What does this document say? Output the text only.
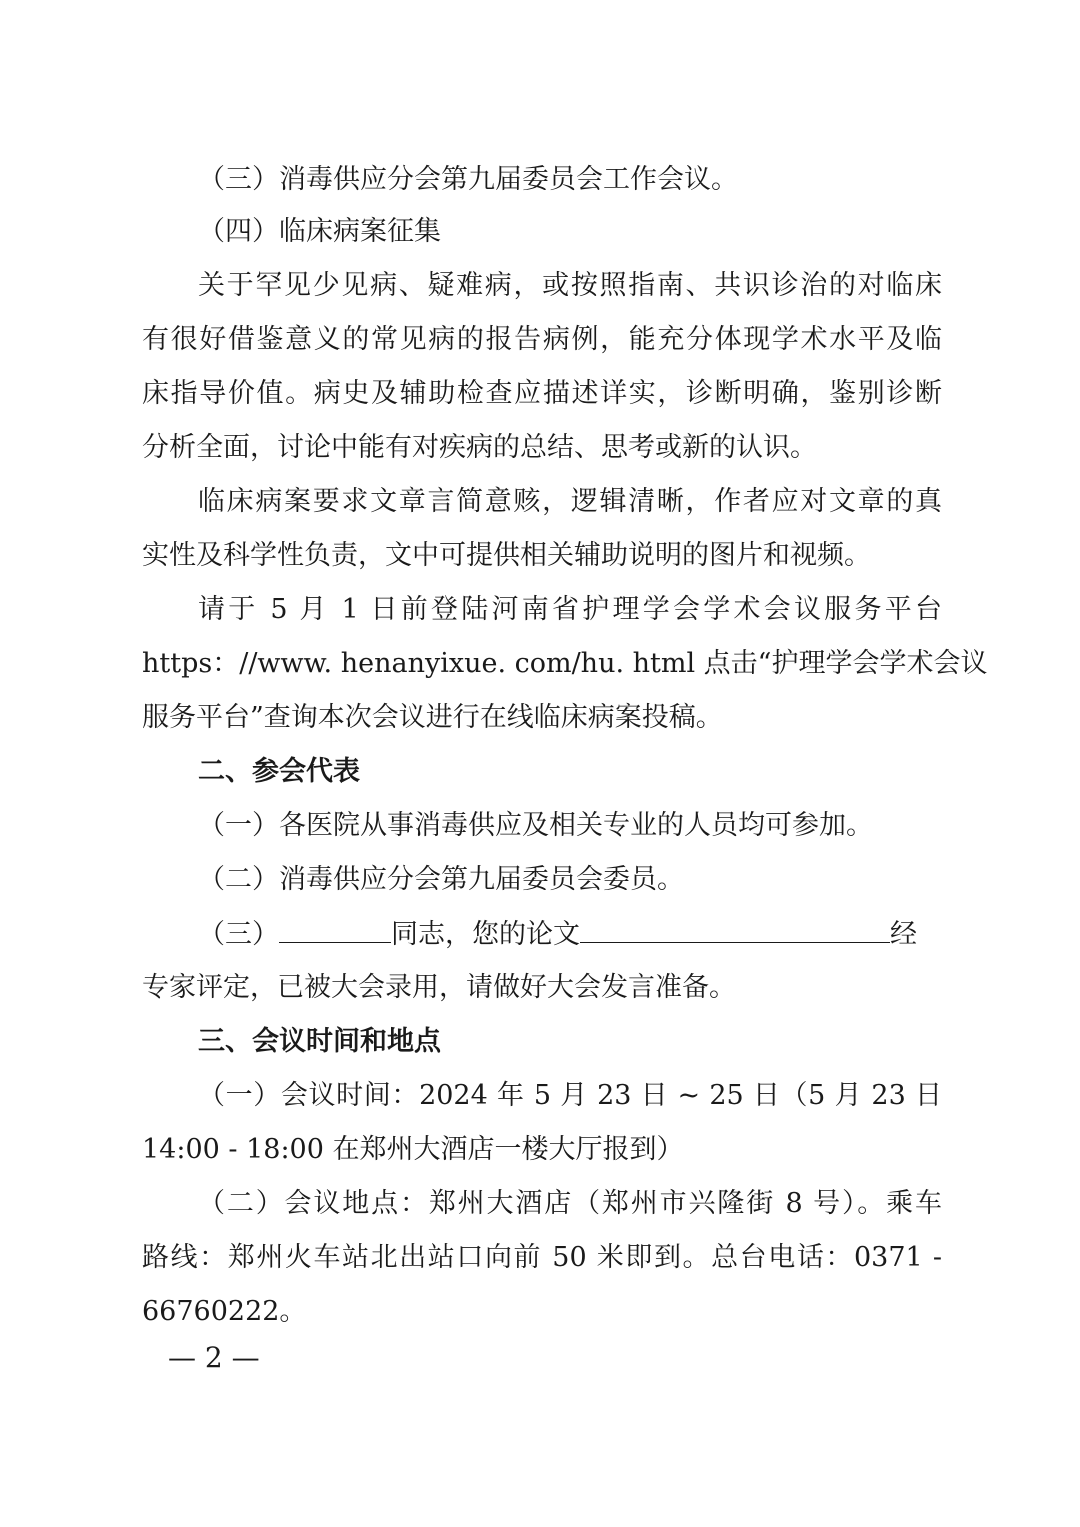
（三）消毒供应分会第九届委员会工作会议。
（四）临床病案征集
关于罕见少见病、疑难病，或按照指南、共识诊治的对临床
有很好借鉴意义的常见病的报告病例，能充分体现学术水平及临
床指导价值。病史及辅助检查应描述详实，诊断明确，鉴别诊断
分析全面，讨论中能有对疾病的总结、思考或新的认识。
临床病案要求文章言简意赅，逻辑清晰，作者应对文章的真
实性及科学性负责，文中可提供相关辅助说明的图片和视频。
请于 5 月 1 日前登陆河南省护理学会学术会议服务平台
https：//www. henanyixue. com/hu. html 点击“护理学会学术会议
服务平台”查询本次会议进行在线临床病案投稿。
二、参会代表
（一）各医院从事消毒供应及相关专业的人员均可参加。
（二）消毒供应分会第九届委员会委员。
（三）	同志，您的论文	经
专家评定，已被大会录用，请做好大会发言准备。
三、会议时间和地点
（一）会议时间：2024 年 5 月 23 日 ~ 25 日（5 月 23 日
14:00 - 18:00 在郑州大酒店一楼大厅报到）
（二）会议地点：郑州大酒店（郑州市兴隆街 8 号）。乘车
路线：郑州火车站北出站口向前 50 米即到。总台电话：0371 -
66760222。
— 2 —
